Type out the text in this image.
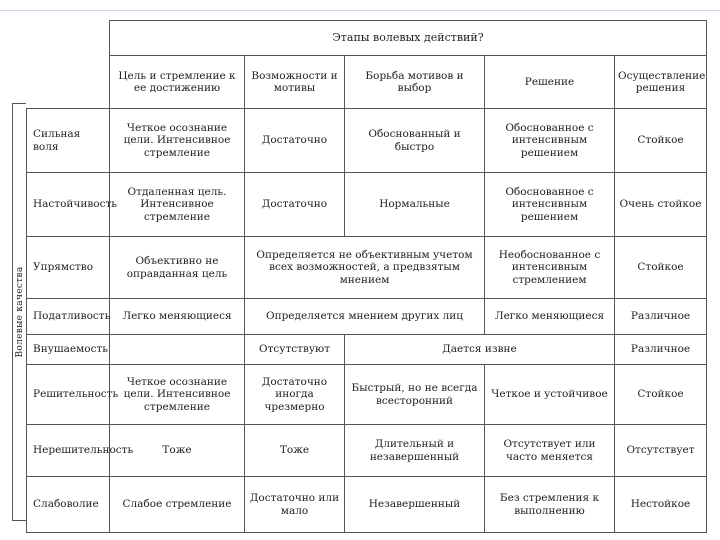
Волевые качества
	Этапы волевых действий?				
	Цель и стремление к ее достижению	Возможности и мотивы	Борьба мотивов и выбор	Решение	Осуществление решения
Сильная воля	Четкое осознание цели. Интенсивное стремление	Достаточно	Обоснованный и быстро	Обоснованное с интенсивным решением	Стойкое
Настойчивость	Отдаленная цель. Интенсивное стремление	Достаточно	Нормальные	Обоснованное с интенсивным решением	Очень стойкое
Упрямство	Объективно не оправданная цель	Определяется не объективным учетом всех возможностей, а предвзятым мнением		Необоснованное с интенсивным стремлением	Стойкое
Податливость	Легко меняющиеся	Определяется мнением других лиц		Легко меняющиеся	Различное
Внушаемость		Отсутствуют	Дается извне		Различное
Решительность	Четкое осознание цели. Интенсивное стремление	Достаточно иногда чрезмерно	Быстрый, но не всегда всесторонний	Четкое и устойчивое	Стойкое
Нерешительность	Тоже	Тоже	Длительный и незавершенный	Отсутствует или часто меняется	Отсутствует
Слабоволие	Слабое стремление	Достаточно или мало	Незавершенный	Без стремления к выполнению	Нестойкое
